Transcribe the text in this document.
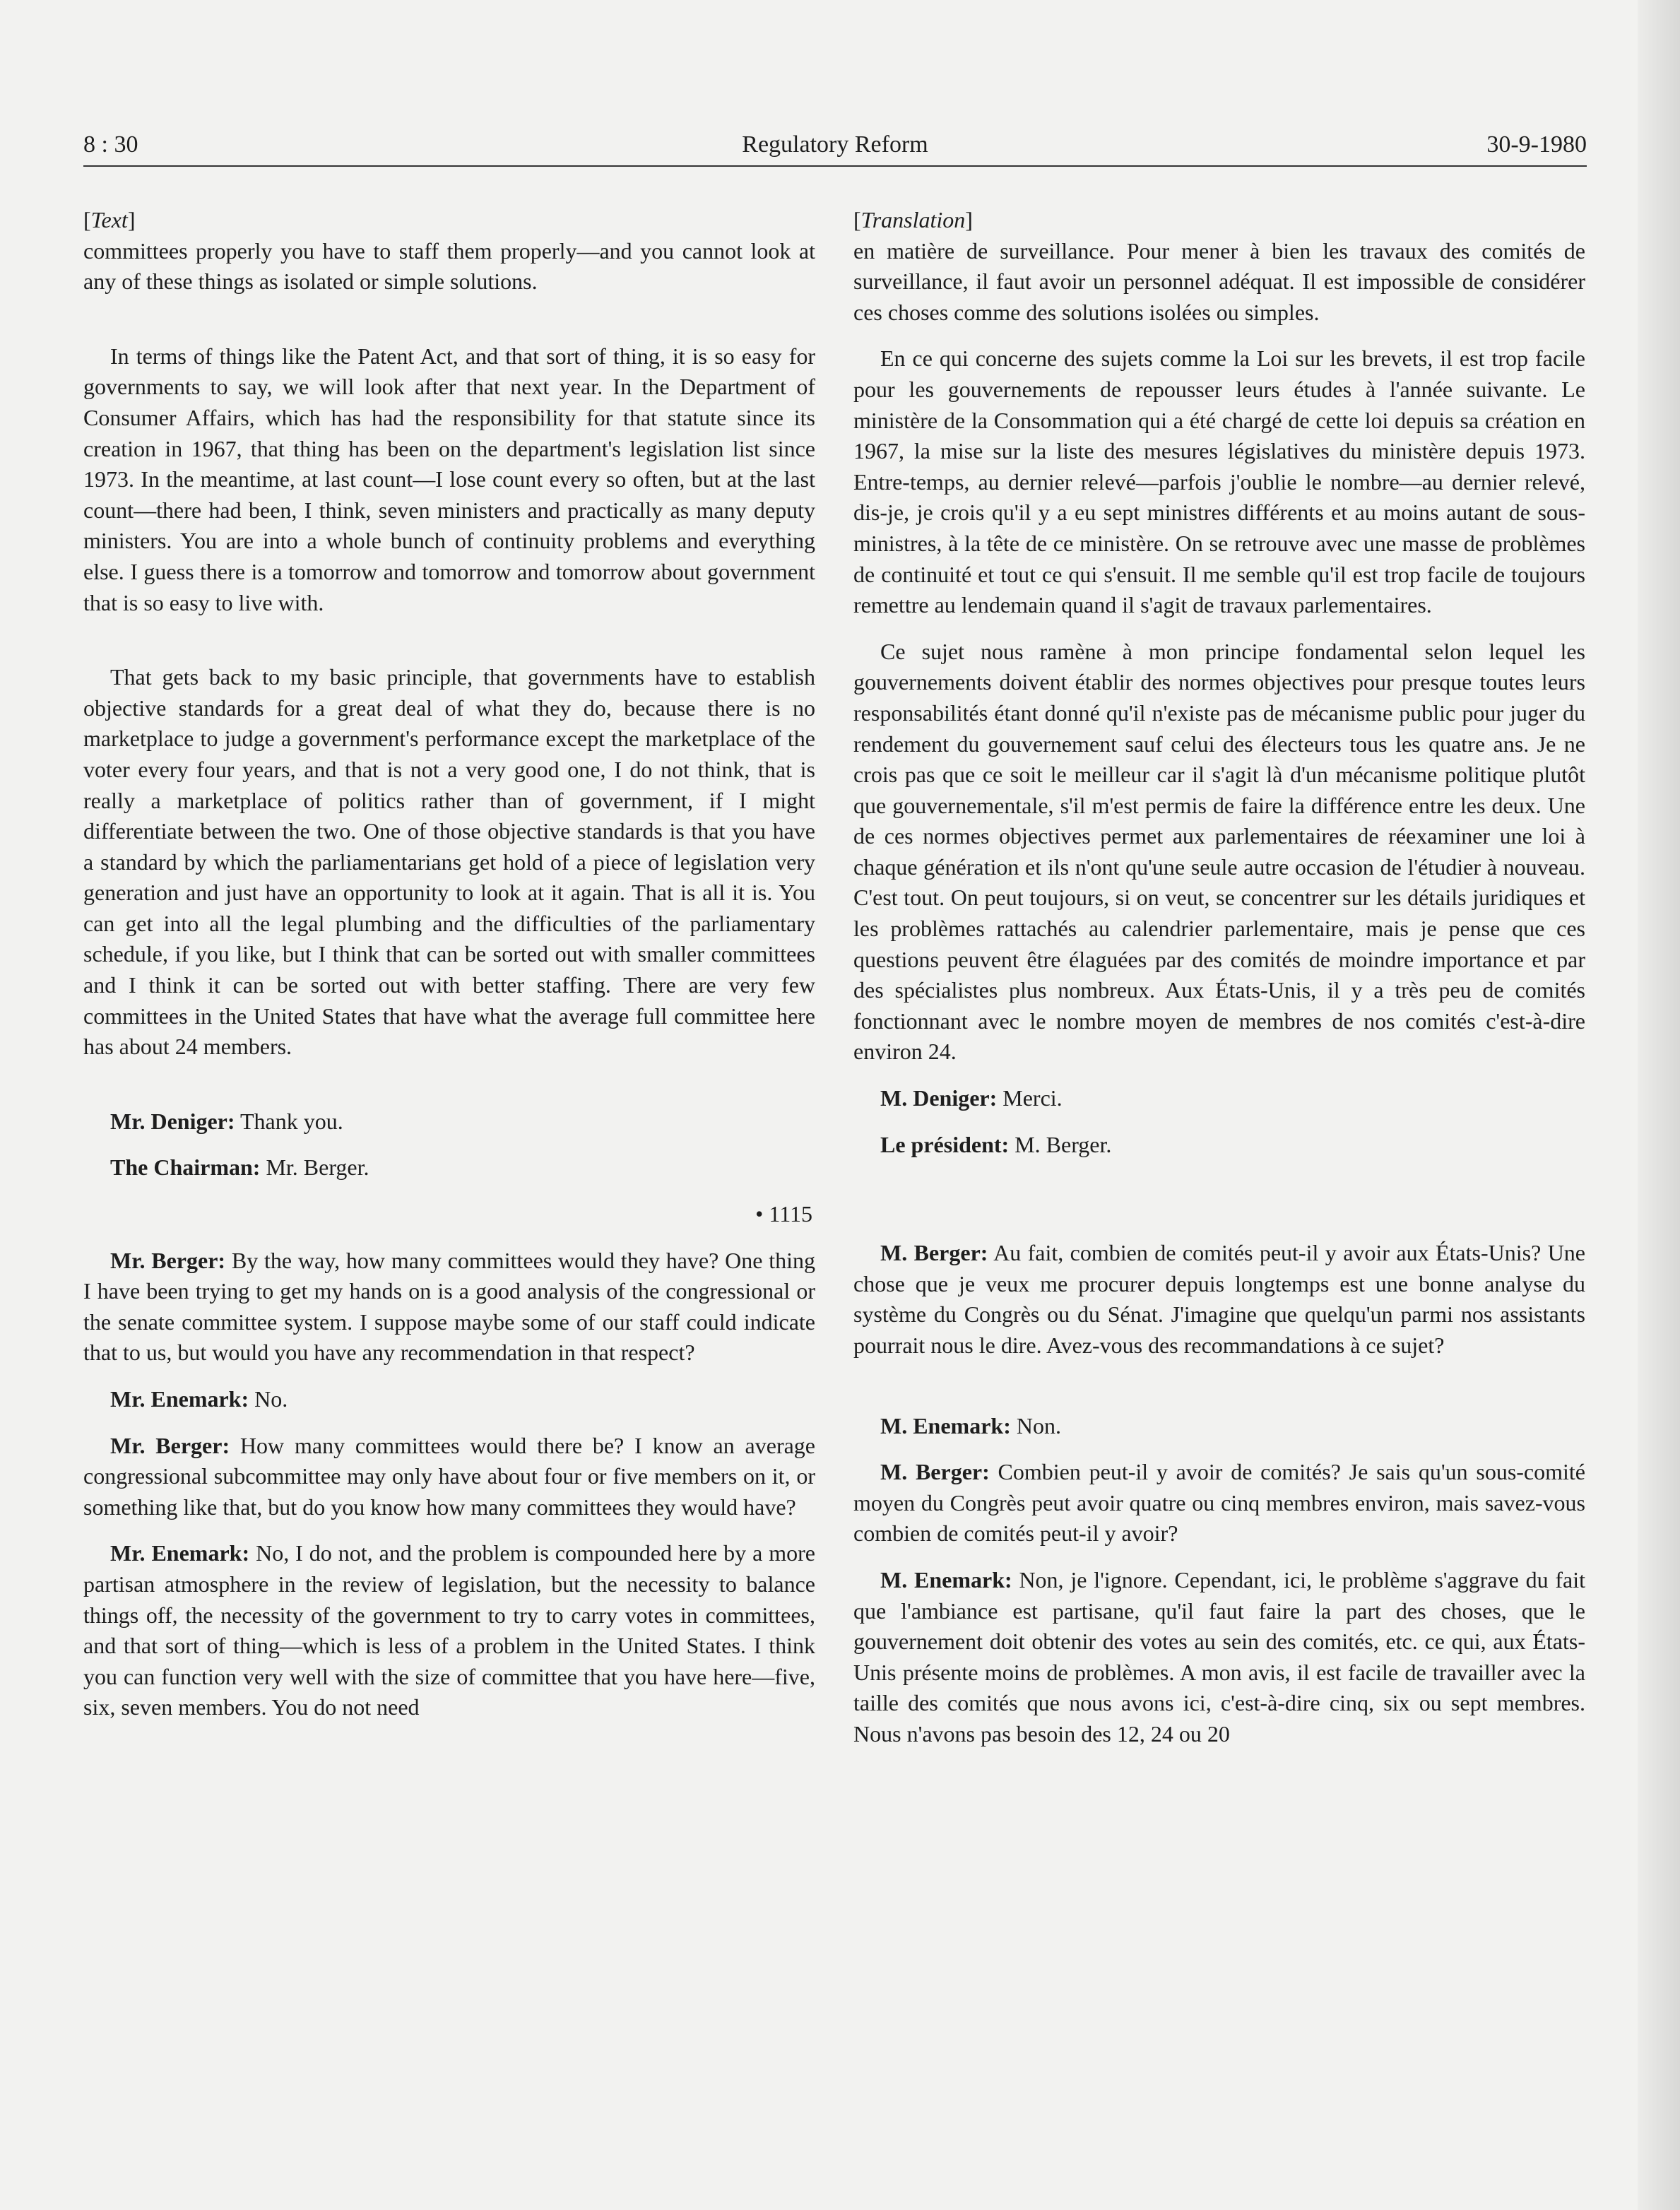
8 : 30	Regulatory Reform	30-9-1980

[Text]

committees properly you have to staff them properly—and you cannot look at any of these things as isolated or simple solutions.

In terms of things like the Patent Act, and that sort of thing, it is so easy for governments to say, we will look after that next year. In the Department of Consumer Affairs, which has had the responsibility for that statute since its creation in 1967, that thing has been on the department's legislation list since 1973. In the meantime, at last count—I lose count every so often, but at the last count—there had been, I think, seven ministers and practically as many deputy ministers. You are into a whole bunch of continuity problems and everything else. I guess there is a tomorrow and tomorrow and tomorrow about government that is so easy to live with.

That gets back to my basic principle, that governments have to establish objective standards for a great deal of what they do, because there is no marketplace to judge a government's performance except the marketplace of the voter every four years, and that is not a very good one, I do not think, that is really a marketplace of politics rather than of government, if I might differentiate between the two. One of those objective standards is that you have a standard by which the parliamentarians get hold of a piece of legislation very generation and just have an opportunity to look at it again. That is all it is. You can get into all the legal plumbing and the difficulties of the parliamentary schedule, if you like, but I think that can be sorted out with smaller committees and I think it can be sorted out with better staffing. There are very few committees in the United States that have what the average full committee here has about 24 members.

Mr. Deniger: Thank you.

The Chairman: Mr. Berger.

• 1115

Mr. Berger: By the way, how many committees would they have? One thing I have been trying to get my hands on is a good analysis of the congressional or the senate committee system. I suppose maybe some of our staff could indicate that to us, but would you have any recommendation in that respect?

Mr. Enemark: No.

Mr. Berger: How many committees would there be? I know an average congressional subcommittee may only have about four or five members on it, or something like that, but do you know how many committees they would have?

Mr. Enemark: No, I do not, and the problem is compounded here by a more partisan atmosphere in the review of legislation, but the necessity to balance things off, the necessity of the government to try to carry votes in committees, and that sort of thing—which is less of a problem in the United States. I think you can function very well with the size of committee that you have here—five, six, seven members. You do not need

[Translation]

en matière de surveillance. Pour mener à bien les travaux des comités de surveillance, il faut avoir un personnel adéquat. Il est impossible de considérer ces choses comme des solutions isolées ou simples.

En ce qui concerne des sujets comme la Loi sur les brevets, il est trop facile pour les gouvernements de repousser leurs études à l'année suivante. Le ministère de la Consommation qui a été chargé de cette loi depuis sa création en 1967, la mise sur la liste des mesures législatives du ministère depuis 1973. Entre-temps, au dernier relevé—parfois j'oublie le nombre—au dernier relevé, dis-je, je crois qu'il y a eu sept ministres différents et au moins autant de sous-ministres, à la tête de ce ministère. On se retrouve avec une masse de problèmes de continuité et tout ce qui s'ensuit. Il me semble qu'il est trop facile de toujours remettre au lendemain quand il s'agit de travaux parlementaires.

Ce sujet nous ramène à mon principe fondamental selon lequel les gouvernements doivent établir des normes objectives pour presque toutes leurs responsabilités étant donné qu'il n'existe pas de mécanisme public pour juger du rendement du gouvernement sauf celui des électeurs tous les quatre ans. Je ne crois pas que ce soit le meilleur car il s'agit là d'un mécanisme politique plutôt que gouvernementale, s'il m'est permis de faire la différence entre les deux. Une de ces normes objectives permet aux parlementaires de réexaminer une loi à chaque génération et ils n'ont qu'une seule autre occasion de l'étudier à nouveau. C'est tout. On peut toujours, si on veut, se concentrer sur les détails juridiques et les problèmes rattachés au calendrier parlementaire, mais je pense que ces questions peuvent être élaguées par des comités de moindre importance et par des spécialistes plus nombreux. Aux États-Unis, il y a très peu de comités fonctionnant avec le nombre moyen de membres de nos comités c'est-à-dire environ 24.

M. Deniger: Merci.

Le président: M. Berger.

M. Berger: Au fait, combien de comités peut-il y avoir aux États-Unis? Une chose que je veux me procurer depuis longtemps est une bonne analyse du système du Congrès ou du Sénat. J'imagine que quelqu'un parmi nos assistants pourrait nous le dire. Avez-vous des recommandations à ce sujet?

M. Enemark: Non.

M. Berger: Combien peut-il y avoir de comités? Je sais qu'un sous-comité moyen du Congrès peut avoir quatre ou cinq membres environ, mais savez-vous combien de comités peut-il y avoir?

M. Enemark: Non, je l'ignore. Cependant, ici, le problème s'aggrave du fait que l'ambiance est partisane, qu'il faut faire la part des choses, que le gouvernement doit obtenir des votes au sein des comités, etc. ce qui, aux États-Unis présente moins de problèmes. A mon avis, il est facile de travailler avec la taille des comités que nous avons ici, c'est-à-dire cinq, six ou sept membres. Nous n'avons pas besoin des 12, 24 ou 20
